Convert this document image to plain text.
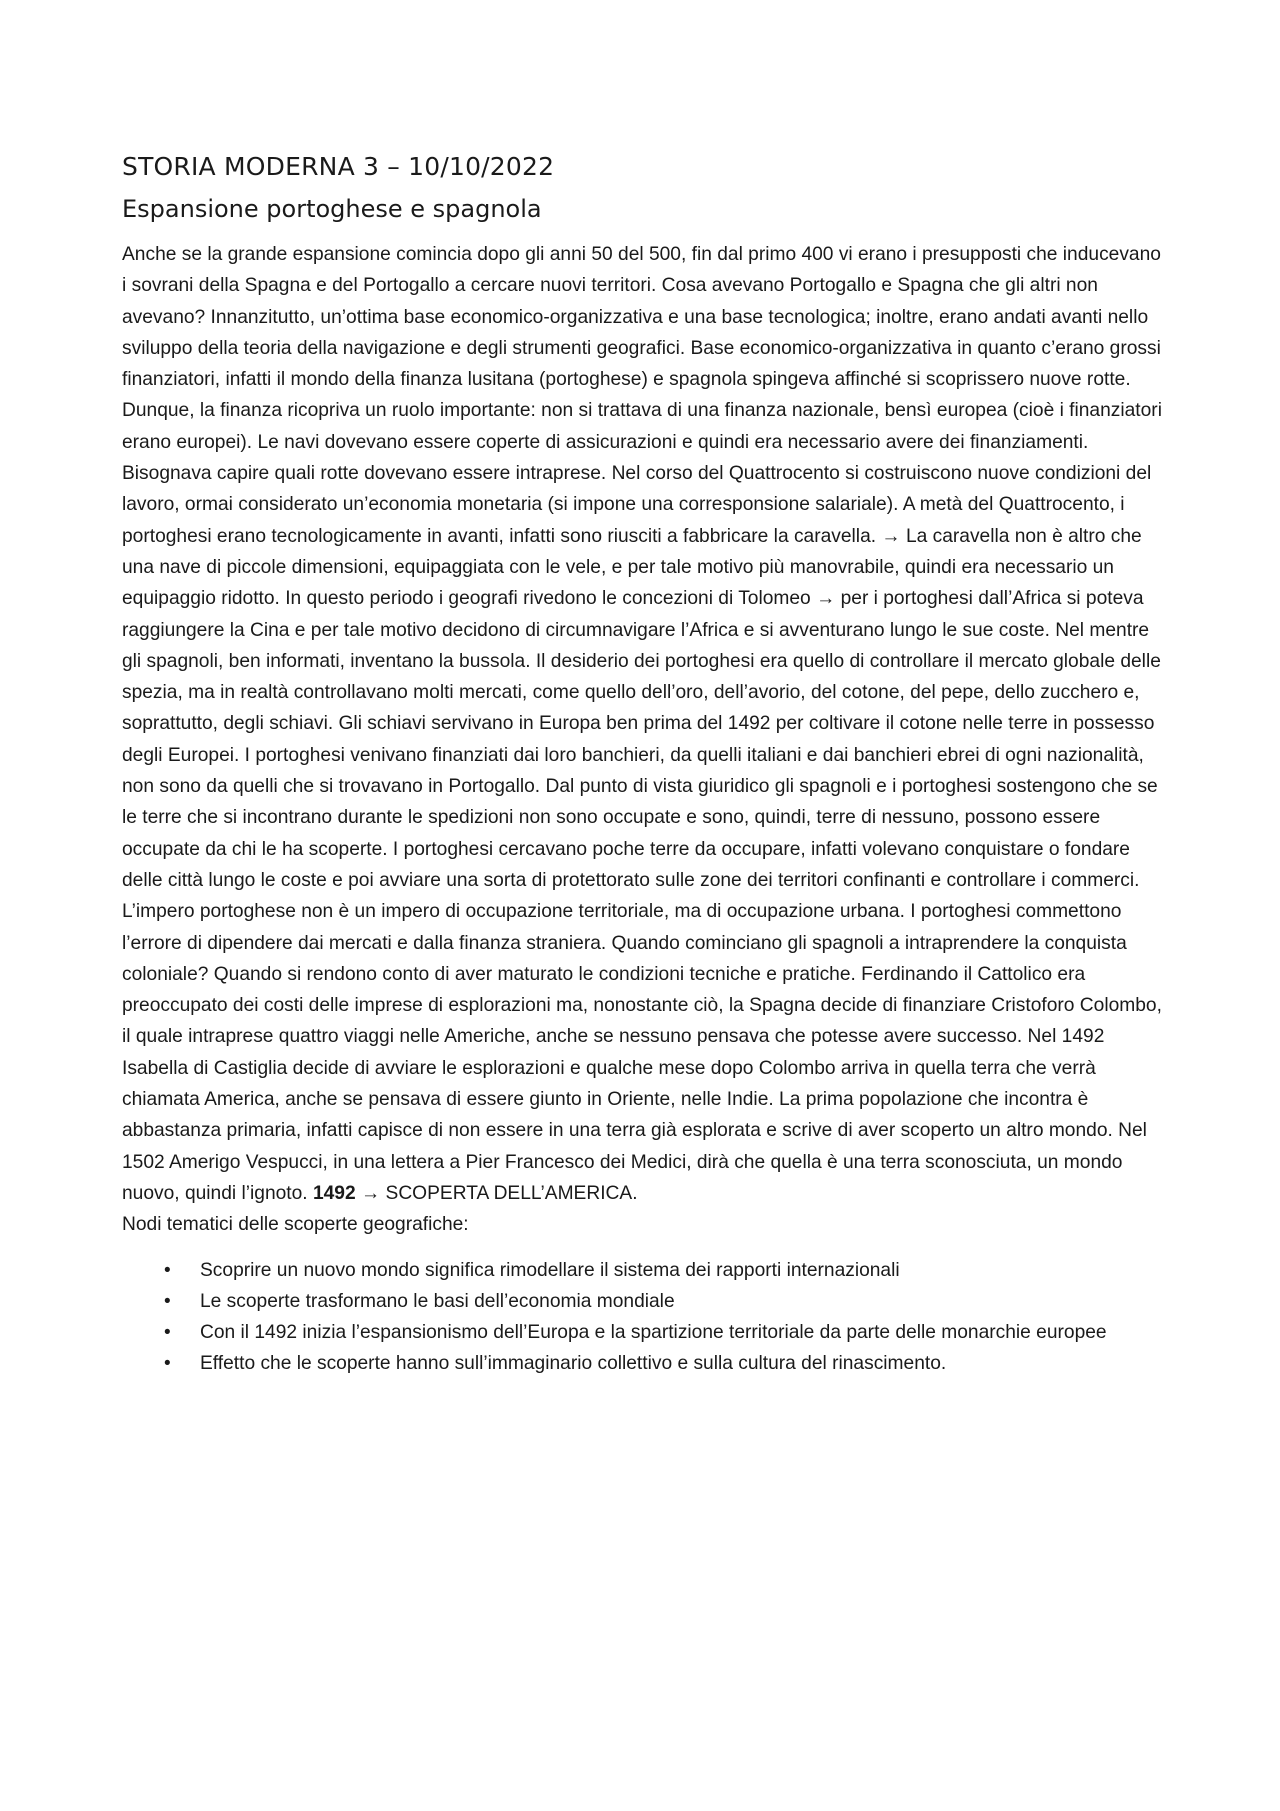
STORIA MODERNA 3 – 10/10/2022
Espansione portoghese e spagnola

Anche se la grande espansione comincia dopo gli anni 50 del 500, fin dal primo 400 vi erano i presupposti che inducevano i sovrani della Spagna e del Portogallo a cercare nuovi territori. Cosa avevano Portogallo e Spagna che gli altri non avevano? Innanzitutto, un’ottima base economico-organizzativa e una base tecnologica; inoltre, erano andati avanti nello sviluppo della teoria della navigazione e degli strumenti geografici. Base economico-organizzativa in quanto c’erano grossi finanziatori, infatti il mondo della finanza lusitana (portoghese) e spagnola spingeva affinché si scoprissero nuove rotte. Dunque, la finanza ricopriva un ruolo importante: non si trattava di una finanza nazionale, bensì europea (cioè i finanziatori erano europei). Le navi dovevano essere coperte di assicurazioni e quindi era necessario avere dei finanziamenti. Bisognava capire quali rotte dovevano essere intraprese. Nel corso del Quattrocento si costruiscono nuove condizioni del lavoro, ormai considerato un’economia monetaria (si impone una corresponsione salariale). A metà del Quattrocento, i portoghesi erano tecnologicamente in avanti, infatti sono riusciti a fabbricare la caravella. → La caravella non è altro che una nave di piccole dimensioni, equipaggiata con le vele, e per tale motivo più manovrabile, quindi era necessario un equipaggio ridotto. In questo periodo i geografi rivedono le concezioni di Tolomeo → per i portoghesi dall’Africa si poteva raggiungere la Cina e per tale motivo decidono di circumnavigare l’Africa e si avventurano lungo le sue coste. Nel mentre gli spagnoli, ben informati, inventano la bussola. Il desiderio dei portoghesi era quello di controllare il mercato globale delle spezia, ma in realtà controllavano molti mercati, come quello dell’oro, dell’avorio, del cotone, del pepe, dello zucchero e, soprattutto, degli schiavi. Gli schiavi servivano in Europa ben prima del 1492 per coltivare il cotone nelle terre in possesso degli Europei. I portoghesi venivano finanziati dai loro banchieri, da quelli italiani e dai banchieri ebrei di ogni nazionalità, non sono da quelli che si trovavano in Portogallo. Dal punto di vista giuridico gli spagnoli e i portoghesi sostengono che se le terre che si incontrano durante le spedizioni non sono occupate e sono, quindi, terre di nessuno, possono essere occupate da chi le ha scoperte. I portoghesi cercavano poche terre da occupare, infatti volevano conquistare o fondare delle città lungo le coste e poi avviare una sorta di protettorato sulle zone dei territori confinanti e controllare i commerci. L’impero portoghese non è un impero di occupazione territoriale, ma di occupazione urbana. I portoghesi commettono l’errore di dipendere dai mercati e dalla finanza straniera. Quando cominciano gli spagnoli a intraprendere la conquista coloniale? Quando si rendono conto di aver maturato le condizioni tecniche e pratiche. Ferdinando il Cattolico era preoccupato dei costi delle imprese di esplorazioni ma, nonostante ciò, la Spagna decide di finanziare Cristoforo Colombo, il quale intraprese quattro viaggi nelle Americhe, anche se nessuno pensava che potesse avere successo. Nel 1492 Isabella di Castiglia decide di avviare le esplorazioni e qualche mese dopo Colombo arriva in quella terra che verrà chiamata America, anche se pensava di essere giunto in Oriente, nelle Indie. La prima popolazione che incontra è abbastanza primaria, infatti capisce di non essere in una terra già esplorata e scrive di aver scoperto un altro mondo. Nel 1502 Amerigo Vespucci, in una lettera a Pier Francesco dei Medici, dirà che quella è una terra sconosciuta, un mondo nuovo, quindi l’ignoto. 1492 → SCOPERTA DELL’AMERICA.

Nodi tematici delle scoperte geografiche:

• Scoprire un nuovo mondo significa rimodellare il sistema dei rapporti internazionali
• Le scoperte trasformano le basi dell’economia mondiale
• Con il 1492 inizia l’espansionismo dell’Europa e la spartizione territoriale da parte delle monarchie europee
• Effetto che le scoperte hanno sull’immaginario collettivo e sulla cultura del rinascimento.
